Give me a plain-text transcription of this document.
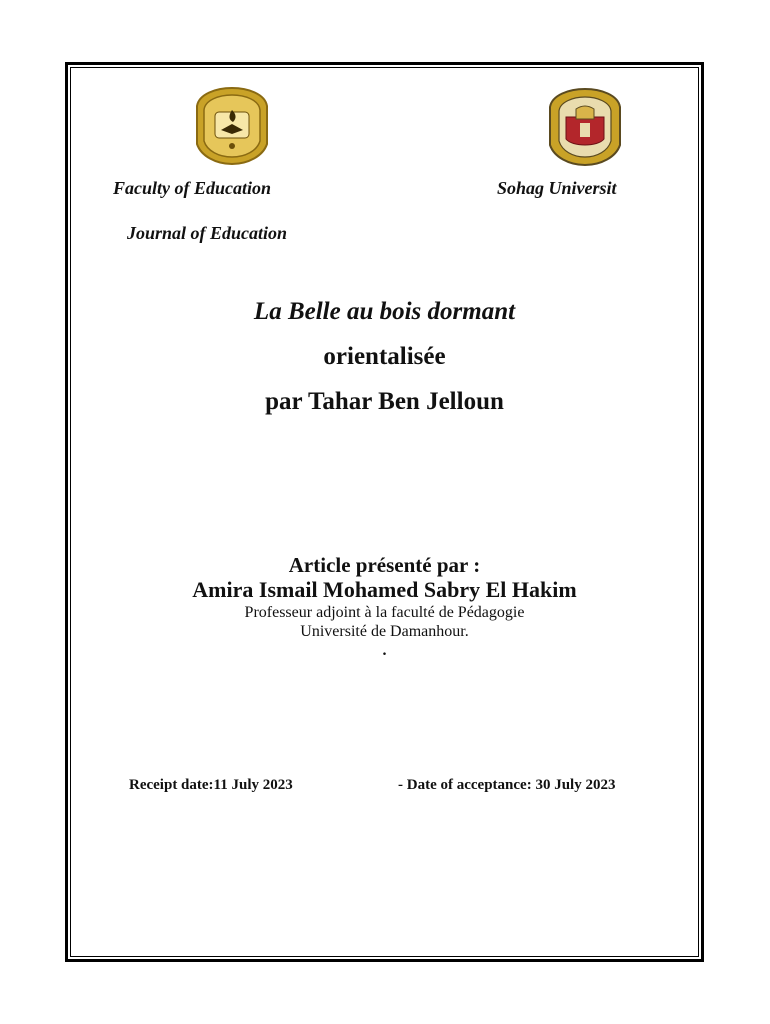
Faculty of Education	Sohag Universit
Journal of Education
La Belle au bois dormant
orientalisée
par Tahar Ben Jelloun
Article présenté par :
Amira Ismail Mohamed Sabry El Hakim
Professeur adjoint à la faculté de Pédagogie
Université de Damanhour.
.
Receipt date:11 July 2023	- Date of acceptance: 30 July 2023
